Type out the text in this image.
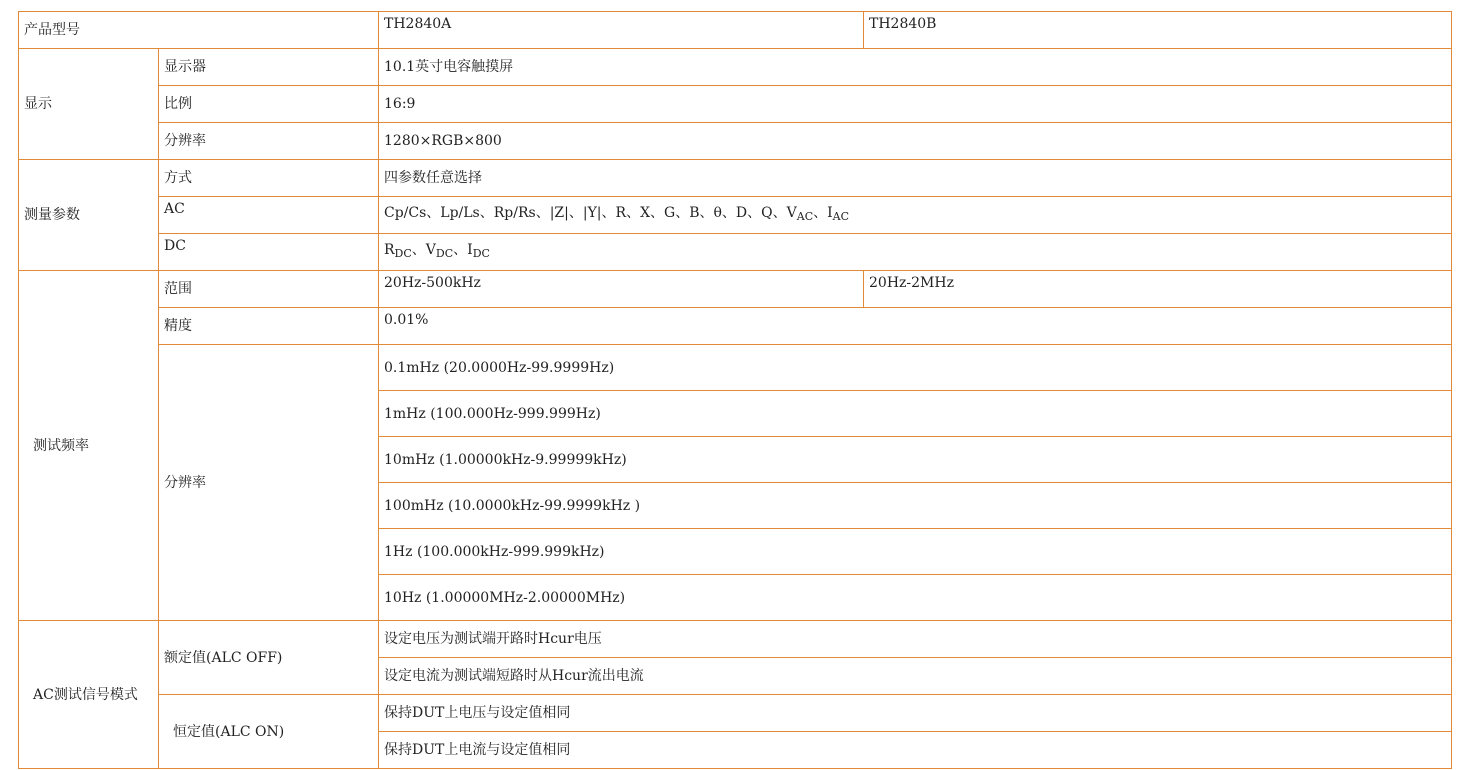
产品型号		TH2840A	TH2840B
显示	显示器	10.1英寸电容触摸屏	
	比例	16:9	
	分辨率	1280×RGB×800	
测量参数	方式	四参数任意选择	
	AC	Cp/Cs、Lp/Ls、Rp/Rs、|Z|、|Y|、R、X、G、B、θ、D、Q、$V_{AC}$、$I_{AC}$
	DC	$R_{DC}$、$V_{DC}$、$I_{DC}$
测试频率	范围	20Hz-500kHz	20Hz-2MHz
	精度	0.01%	
	分辨率	0.1mHz (20.0000Hz-99.9999Hz)	
		1mHz (100.000Hz-999.999Hz)	
		10mHz (1.00000kHz-9.99999kHz)	
		100mHz (10.0000kHz-99.9999kHz )	
		1Hz (100.000kHz-999.999kHz)	
		10Hz (1.00000MHz-2.00000MHz)	
AC测试信号模式	额定值(ALC OFF)	设定电压为测试端开路时Hcur电压	
		设定电流为测试端短路时从Hcur流出电流	
	恒定值(ALC ON)	保持DUT上电压与设定值相同	
		保持DUT上电流与设定值相同	
